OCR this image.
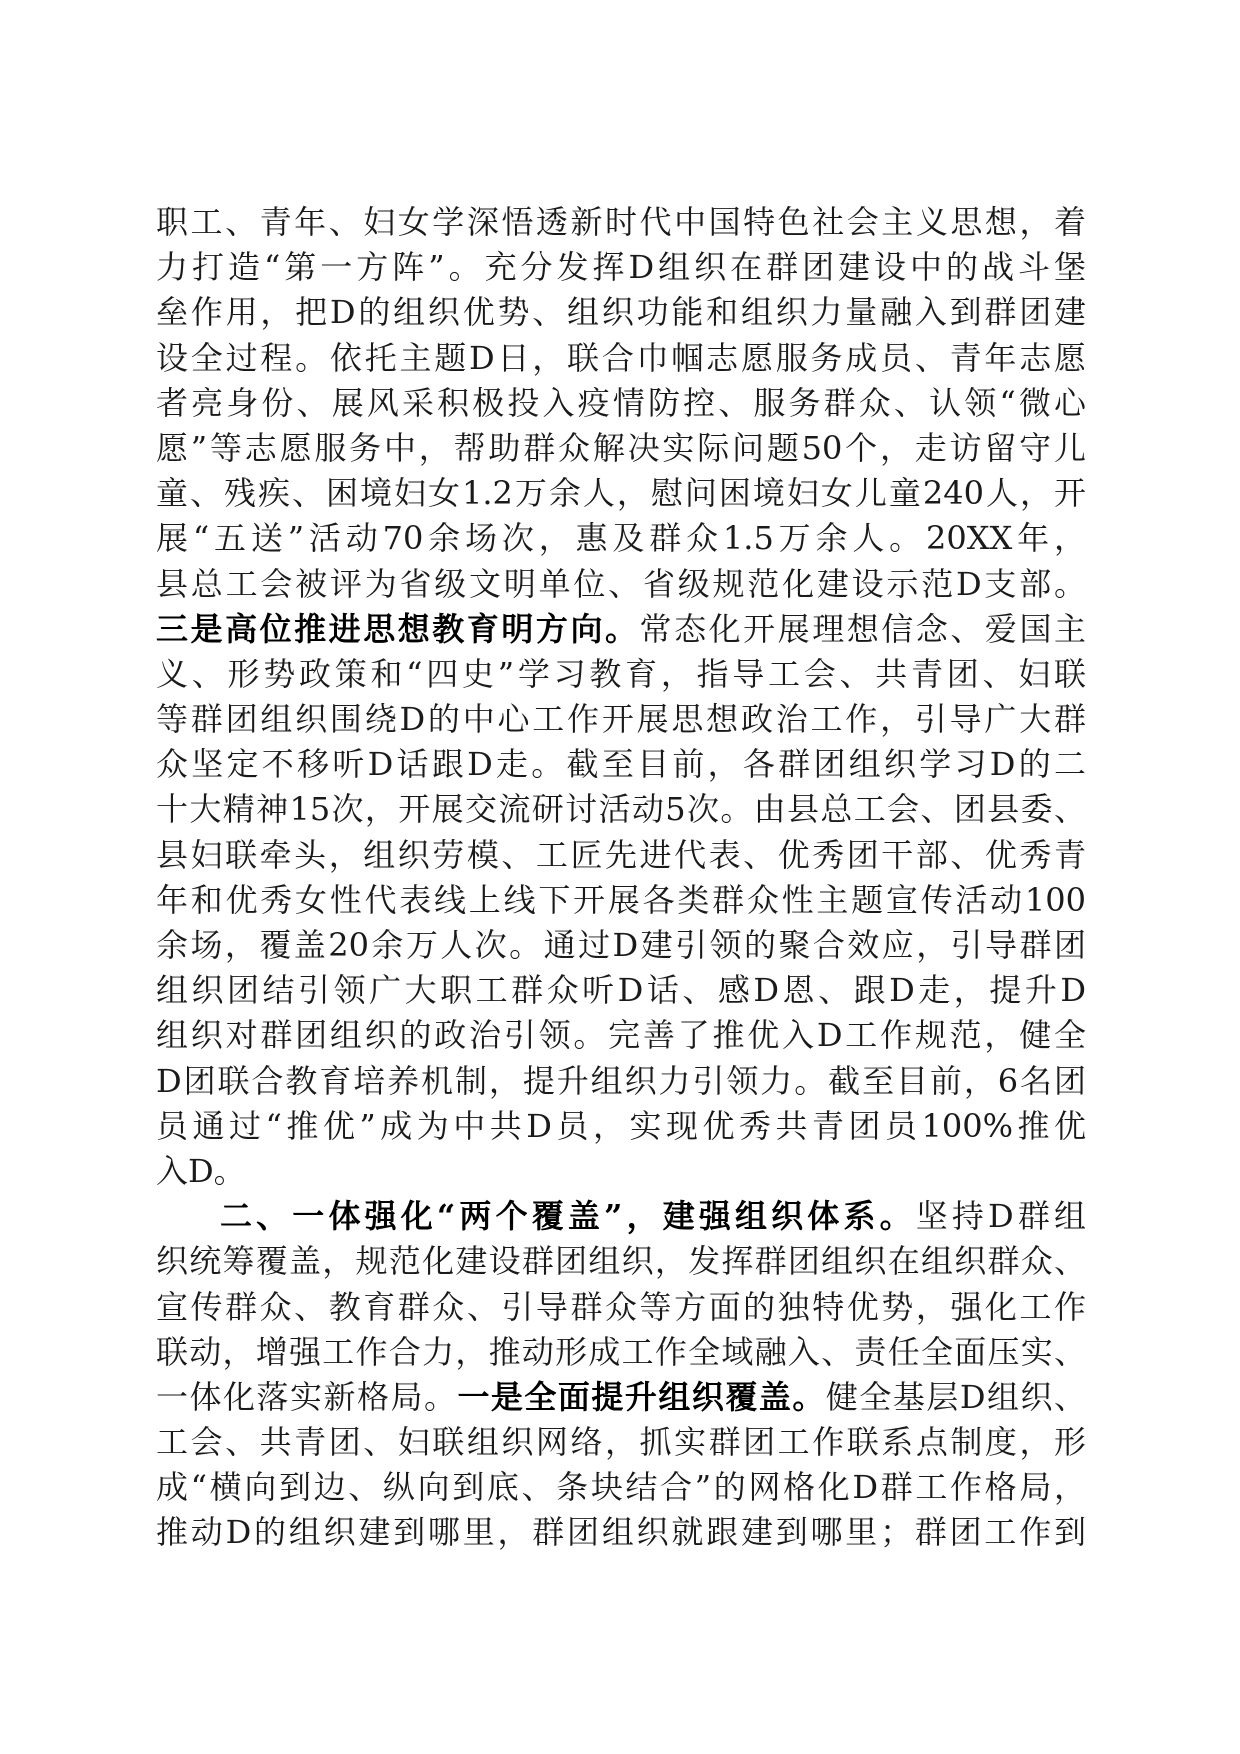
职工、青年、妇女学深悟透新时代中国特色社会主义思想，着
力打造“第一方阵”。充分发挥D组织在群团建设中的战斗堡
垒作用，把D的组织优势、组织功能和组织力量融入到群团建
设全过程。依托主题D日，联合巾帼志愿服务成员、青年志愿
者亮身份、展风采积极投入疫情防控、服务群众、认领“微心
愿”等志愿服务中，帮助群众解决实际问题50个，走访留守儿
童、残疾、困境妇女1.2万余人，慰问困境妇女儿童240人，开
展“五送”活动70余场次，惠及群众1.5万余人。20XX年，
县总工会被评为省级文明单位、省级规范化建设示范D支部。
三是高位推进思想教育明方向。常态化开展理想信念、爱国主
义、形势政策和“四史”学习教育，指导工会、共青团、妇联
等群团组织围绕D的中心工作开展思想政治工作，引导广大群
众坚定不移听D话跟D走。截至目前，各群团组织学习D的二
十大精神15次，开展交流研讨活动5次。由县总工会、团县委、
县妇联牵头，组织劳模、工匠先进代表、优秀团干部、优秀青
年和优秀女性代表线上线下开展各类群众性主题宣传活动100
余场，覆盖20余万人次。通过D建引领的聚合效应，引导群团
组织团结引领广大职工群众听D话、感D恩、跟D走，提升D
组织对群团组织的政治引领。完善了推优入D工作规范，健全
D团联合教育培养机制，提升组织力引领力。截至目前，6名团
员通过“推优”成为中共D员，实现优秀共青团员100%推优
入D。
二、一体强化“两个覆盖”，建强组织体系。坚持D群组
织统筹覆盖，规范化建设群团组织，发挥群团组织在组织群众、
宣传群众、教育群众、引导群众等方面的独特优势，强化工作
联动，增强工作合力，推动形成工作全域融入、责任全面压实、
一体化落实新格局。一是全面提升组织覆盖。健全基层D组织、
工会、共青团、妇联组织网络，抓实群团工作联系点制度，形
成“横向到边、纵向到底、条块结合”的网格化D群工作格局，
推动D的组织建到哪里，群团组织就跟建到哪里；群团工作到
